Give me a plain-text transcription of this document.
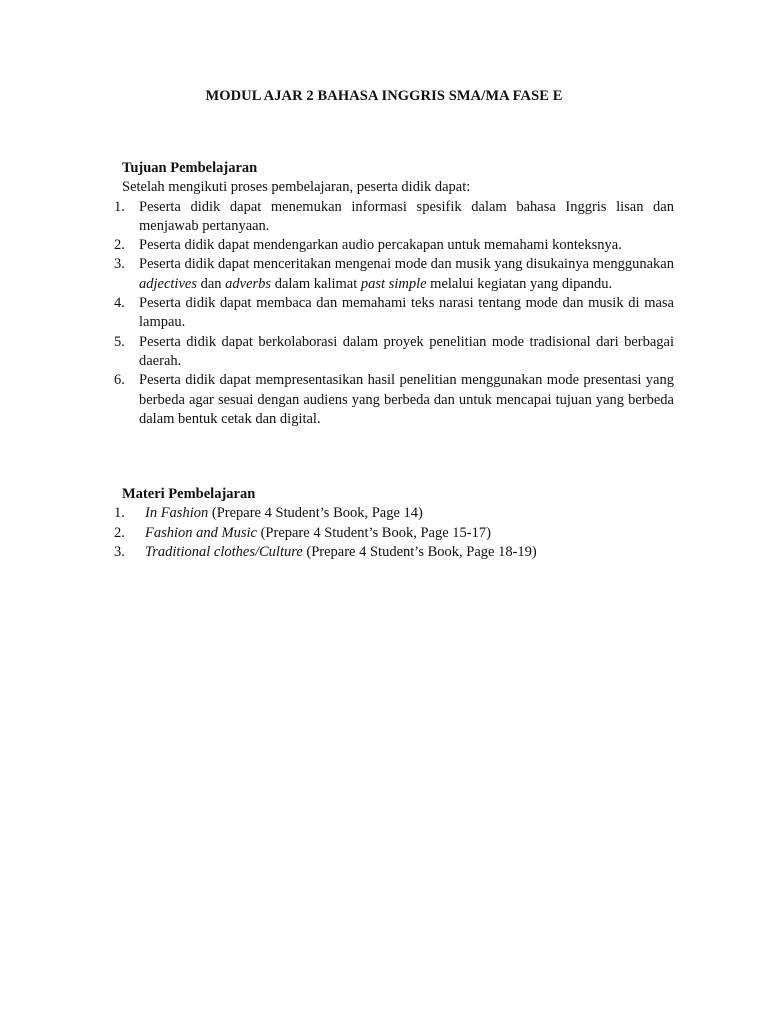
MODUL AJAR 2 BAHASA INGGRIS SMA/MA FASE E
Tujuan Pembelajaran
Setelah mengikuti proses pembelajaran, peserta didik dapat:
1. Peserta didik dapat menemukan informasi spesifik dalam bahasa Inggris lisan dan menjawab pertanyaan.
2. Peserta didik dapat mendengarkan audio percakapan untuk memahami konteksnya.
3. Peserta didik dapat menceritakan mengenai mode dan musik yang disukainya menggunakan adjectives dan adverbs dalam kalimat past simple melalui kegiatan yang dipandu.
4. Peserta didik dapat membaca dan memahami teks narasi tentang mode dan musik di masa lampau.
5. Peserta didik dapat berkolaborasi dalam proyek penelitian mode tradisional dari berbagai daerah.
6. Peserta didik dapat mempresentasikan hasil penelitian menggunakan mode presentasi yang berbeda agar sesuai dengan audiens yang berbeda dan untuk mencapai tujuan yang berbeda dalam bentuk cetak dan digital.
Materi Pembelajaran
1. In Fashion (Prepare 4 Student’s Book, Page 14)
2. Fashion and Music (Prepare 4 Student’s Book, Page 15-17)
3. Traditional clothes/Culture (Prepare 4 Student’s Book, Page 18-19)
